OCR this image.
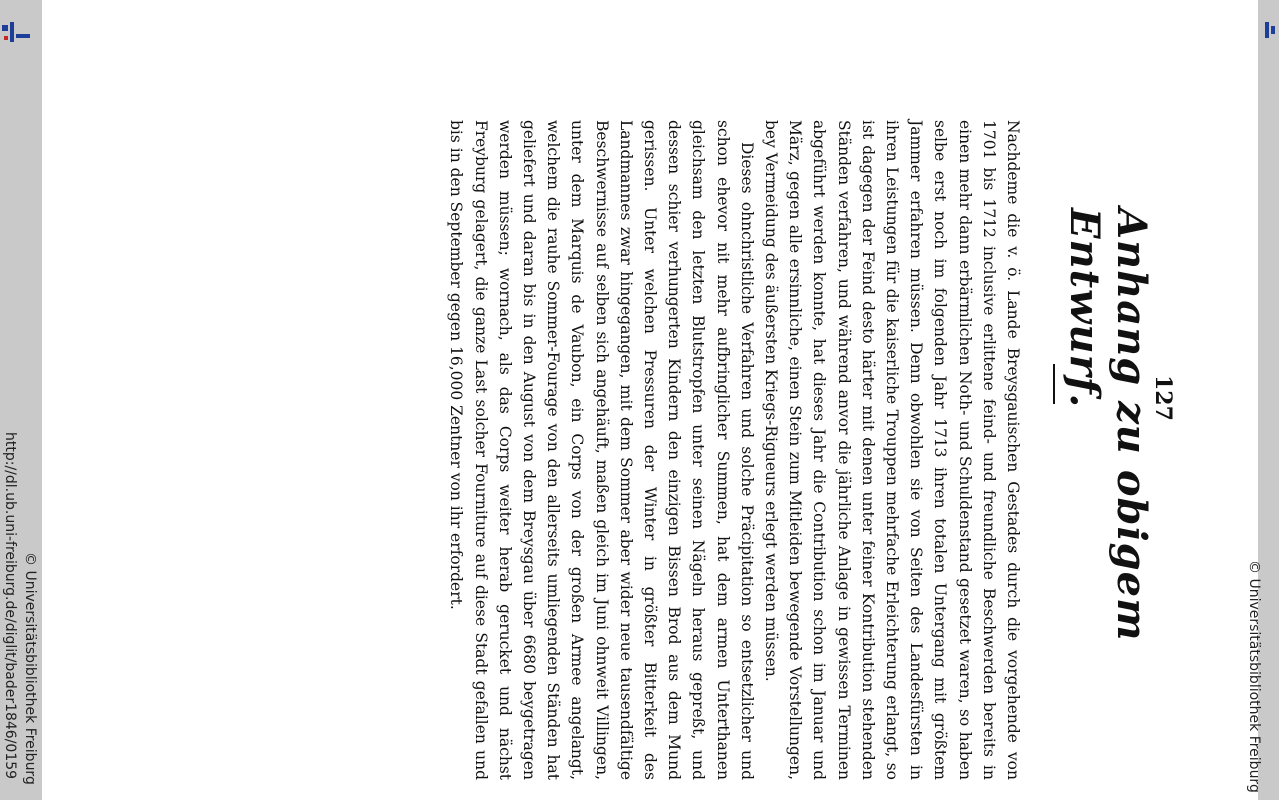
http://dl.ub.uni-freiburg.de/diglit/bader1846/0159 © Universitätsbibliothek Freiburg	© Universitätsbibliothek Freiburg
127
Anhang zu obigem Entwurf.

Nachdeme die v. ö. Lande Breysgauischen Gestades durch die vorgehende von 1701 bis 1712 inclusive erlittene feind- und freundliche Beschwerden bereits in einen mehr dann erbärmlichen Noth- und Schuldenstand gesetzet waren, so haben selbe erst noch im folgenden Jahr 1713 ihren totalen Untergang mit größtem Jammer erfahren müssen. Denn obwohlen sie von Seiten des Landesfürsten in ihren Leistungen für die kaiserliche Trouppen mehrfache Erleichterung erlangt, so ist dagegen der Feind desto härter mit denen unter feiner Kontribution stehenden Ständen verfahren, und während anvor die jährliche Anlage in gewissen Terminen abgeführt werden konnte, hat dieses Jahr die Contribution schon im Januar und März, gegen alle ersinnliche, einen Stein zum Mitleiden bewegende Vorstellungen, bey Vermeidung des äußersten Kriegs-Rigueurs erlegt werden müssen.

Dieses ohnchristliche Verfahren und solche Präcipitation so entsetzlicher und schon ehevor nit mehr aufbringlicher Summen, hat dem armen Unterthanen gleichsam den letzten Blutstropfen unter seinen Nägeln heraus gepreßt, und dessen schier verhungerten Kindern den einzigen Bissen Brod aus dem Mund gerissen. Unter welchen Pressuren der Winter in größter Bitterkeit des Landmannes zwar hingegangen, mit dem Sommer aber wider neue tausendfältige Beschwernisse auf selben sich angehäuft, maßen gleich im Juni ohnweit Villingen, unter dem Marquis de Vaubon, ein Corps von der großen Armee angelangt, welchem die rauhe Sommer-Fourage von den allerseits umliegenden Ständen hat geliefert und daran bis in den August von dem Breysgau über 6680 beygetragen werden müssen; wornach, als das Corps weiter herab gerucket und nächst Freyburg gelagert, die ganze Last solcher Fourniture auf diese Stadt gefallen und bis in den September gegen 16,000 Zentner von ihr erfordert.
